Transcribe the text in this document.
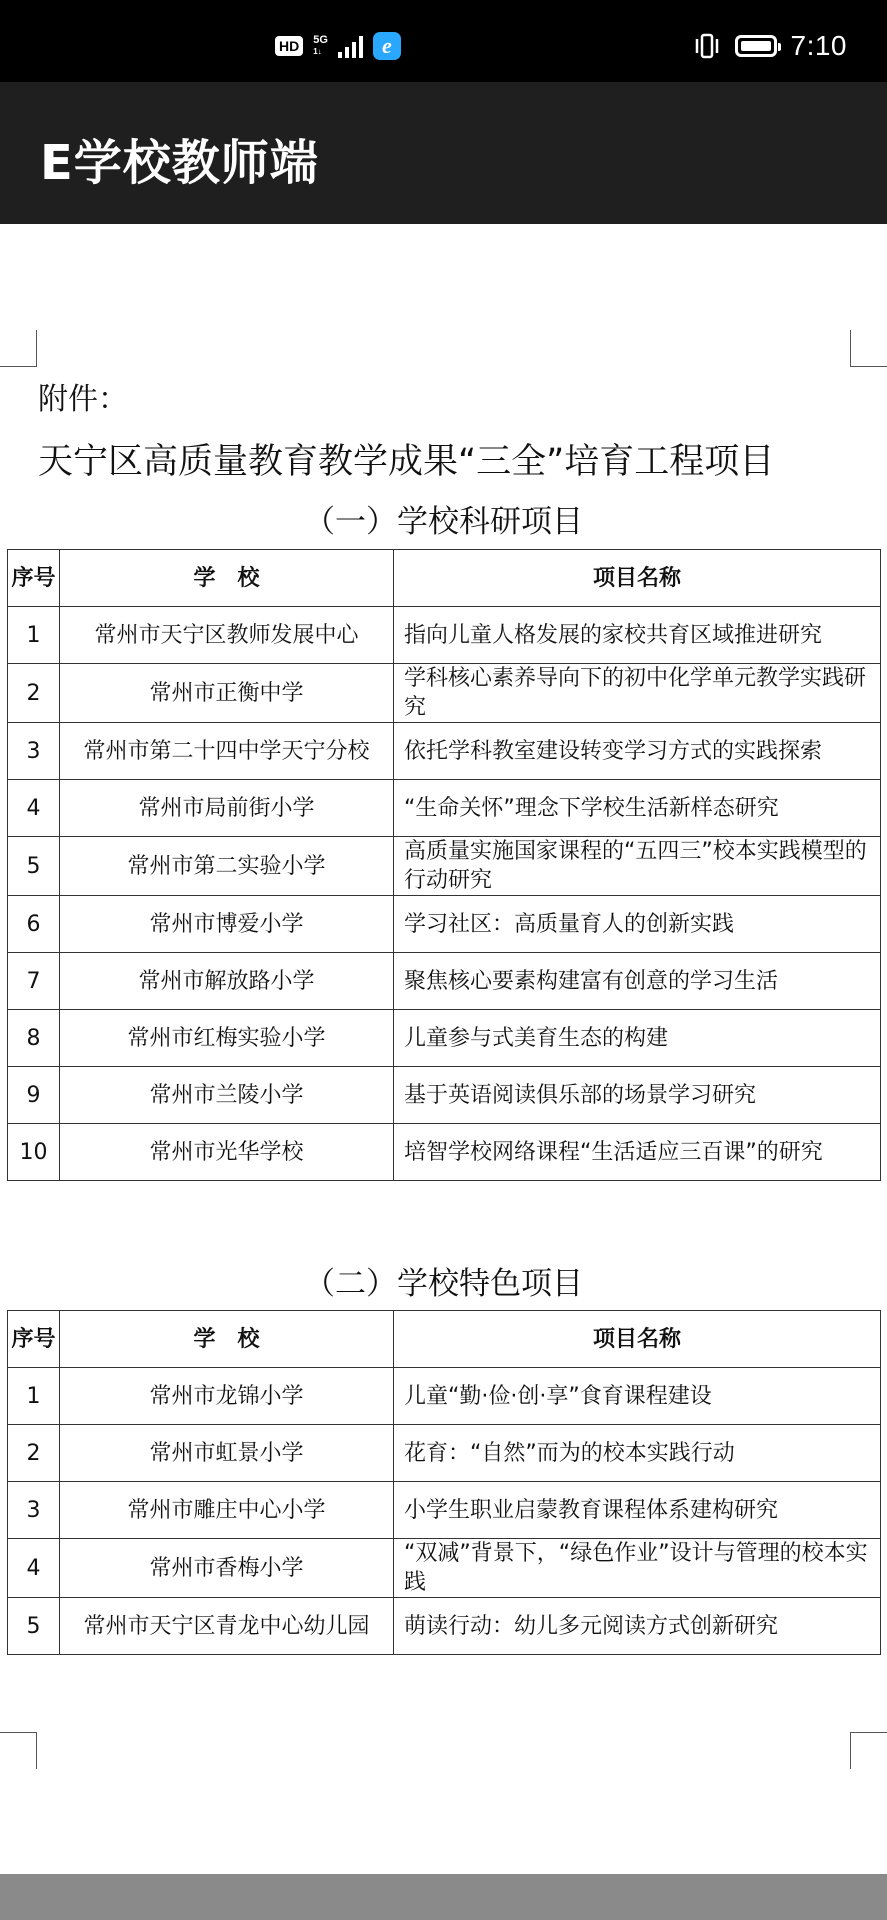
HD	5G
1↓	e	7:10
E学校教师端
附件：
天宁区高质量教育教学成果“三全”培育工程项目
（一）学校科研项目
序号	学　校	项目名称
1	常州市天宁区教师发展中心	指向儿童人格发展的家校共育区域推进研究
2	常州市正衡中学	学科核心素养导向下的初中化学单元教学实践研究
3	常州市第二十四中学天宁分校	依托学科教室建设转变学习方式的实践探索
4	常州市局前街小学	“生命关怀”理念下学校生活新样态研究
5	常州市第二实验小学	高质量实施国家课程的“五四三”校本实践模型的行动研究
6	常州市博爱小学	学习社区：高质量育人的创新实践
7	常州市解放路小学	聚焦核心要素构建富有创意的学习生活
8	常州市红梅实验小学	儿童参与式美育生态的构建
9	常州市兰陵小学	基于英语阅读俱乐部的场景学习研究
10	常州市光华学校	培智学校网络课程“生活适应三百课”的研究
（二）学校特色项目
序号	学　校	项目名称
1	常州市龙锦小学	儿童“勤·俭·创·享”食育课程建设
2	常州市虹景小学	花育：“自然”而为的校本实践行动
3	常州市雕庄中心小学	小学生职业启蒙教育课程体系建构研究
4	常州市香梅小学	“双减”背景下，“绿色作业”设计与管理的校本实践
5	常州市天宁区青龙中心幼儿园	萌读行动：幼儿多元阅读方式创新研究
